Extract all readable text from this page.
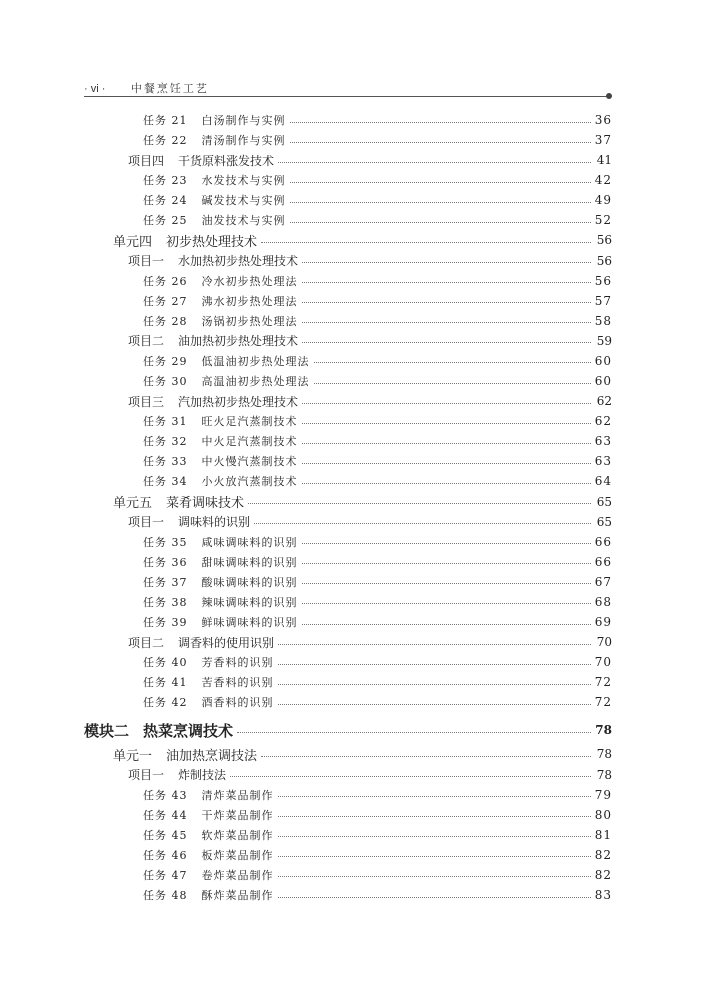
· vi · 中餐烹饪工艺
任务 21 白汤制作与实例	36
任务 22 清汤制作与实例	37
项目四 干货原料涨发技术	41
任务 23 水发技术与实例	42
任务 24 碱发技术与实例	49
任务 25 油发技术与实例	52
单元四 初步热处理技术	56
项目一 水加热初步热处理技术	56
任务 26 冷水初步热处理法	56
任务 27 沸水初步热处理法	57
任务 28 汤锅初步热处理法	58
项目二 油加热初步热处理技术	59
任务 29 低温油初步热处理法	60
任务 30 高温油初步热处理法	60
项目三 汽加热初步热处理技术	62
任务 31 旺火足汽蒸制技术	62
任务 32 中火足汽蒸制技术	63
任务 33 中火慢汽蒸制技术	63
任务 34 小火放汽蒸制技术	64
单元五 菜肴调味技术	65
项目一 调味料的识别	65
任务 35 咸味调味料的识别	66
任务 36 甜味调味料的识别	66
任务 37 酸味调味料的识别	67
任务 38 辣味调味料的识别	68
任务 39 鲜味调味料的识别	69
项目二 调香料的使用识别	70
任务 40 芳香料的识别	70
任务 41 苦香料的识别	72
任务 42 酒香料的识别	72
模块二 热菜烹调技术	78
单元一 油加热烹调技法	78
项目一 炸制技法	78
任务 43 清炸菜品制作	79
任务 44 干炸菜品制作	80
任务 45 软炸菜品制作	81
任务 46 板炸菜品制作	82
任务 47 卷炸菜品制作	82
任务 48 酥炸菜品制作	83
